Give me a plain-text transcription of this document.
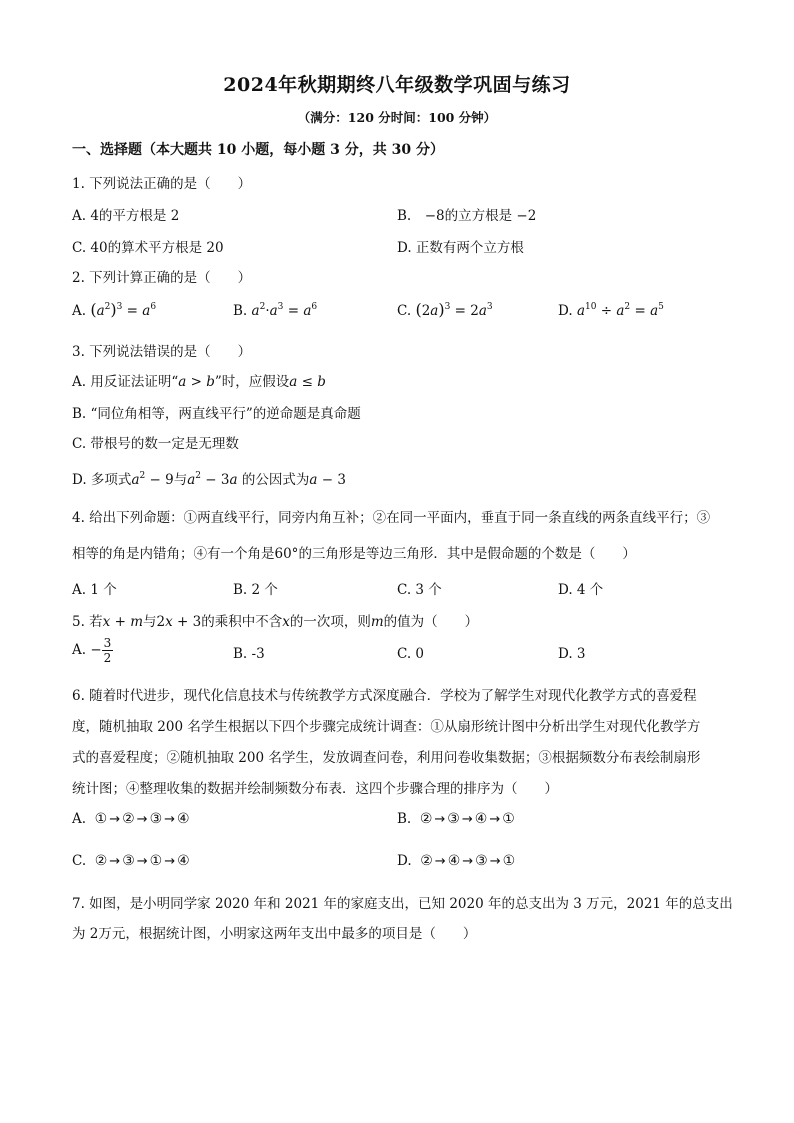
2024年秋期期终八年级数学巩固与练习
（满分：120 分时间：100 分钟）
一、选择题（本大题共 10 小题，每小题 3 分，共 30 分）
1. 下列说法正确的是（　　）
A. 4的平方根是 2	B.　−8的立方根是 −2
C. 40的算术平方根是 20	D. 正数有两个立方根
2. 下列计算正确的是（　　）
A. $(a^2)^3 = a^6$	B. $a^2\cdot a^3 = a^6$	C. $(2a)^3 = 2a^3$	D. $a^{10} \div a^2 = a^5$
3. 下列说法错误的是（　　）
A. 用反证法证明“a > b”时，应假设a ≤ b
B. “同位角相等，两直线平行”的逆命题是真命题
C. 带根号的数一定是无理数
D. 多项式$a^2 - 9$与$a^2 - 3a$ 的公因式为a − 3
4. 给出下列命题：①两直线平行，同旁内角互补；②在同一平面内，垂直于同一条直线的两条直线平行；③
相等的角是内错角；④有一个角是60°的三角形是等边三角形．其中是假命题的个数是（　　）
A. 1 个	B. 2 个	C. 3 个	D. 4 个
5. 若x + m与2x + 3的乘积中不含x的一次项，则m的值为（　　）
A. − $\frac{3}{2}$	B. -3	C. 0	D. 3
6. 随着时代进步，现代化信息技术与传统教学方式深度融合．学校为了解学生对现代化教学方式的喜爱程
度，随机抽取 200 名学生根据以下四个步骤完成统计调查：①从扇形统计图中分析出学生对现代化教学方
式的喜爱程度；②随机抽取 200 名学生，发放调查问卷，利用问卷收集数据；③根据频数分布表绘制扇形
统计图；④整理收集的数据并绘制频数分布表．这四个步骤合理的排序为（　　）
A. ① → ② → ③ → ④	B. ② → ③ → ④ → ①
C. ② → ③ → ① → ④	D. ② → ④ → ③ → ①
7. 如图，是小明同学家 2020 年和 2021 年的家庭支出，已知 2020 年的总支出为 3 万元，2021 年的总支出
为 2万元，根据统计图，小明家这两年支出中最多的项目是（　　）
